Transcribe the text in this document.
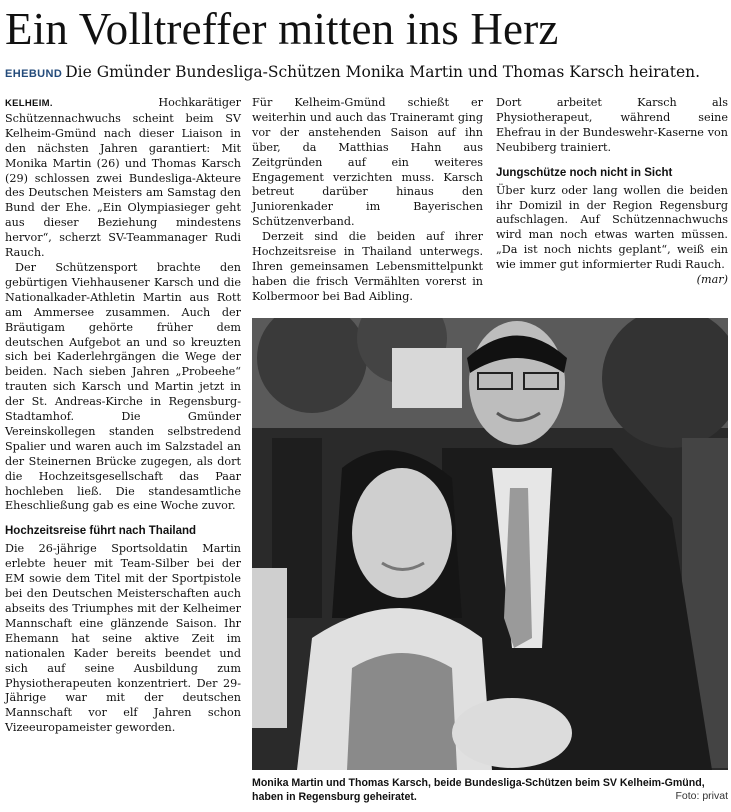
Ein Volltreffer mitten ins Herz
EHEBUND Die Gmünder Bundesliga-Schützen Monika Martin und Thomas Karsch heiraten.

KELHEIM.	Hochkarätiger Schützennachwuchs scheint beim SV Kelheim-Gmünd nach dieser Liaison in den nächsten Jahren garantiert: Mit Monika Martin (26) und Thomas Karsch (29) schlossen zwei Bundesliga-Akteure des Deutschen Meisters am Samstag den Bund der Ehe. „Ein Olympiasieger geht aus dieser Beziehung mindestens hervor“, scherzt SV-Teammanager Rudi Rauch.

Der Schützensport brachte den gebürtigen Viehhausener Karsch und die Nationalkader-Athletin Martin aus Rott am Ammersee zusammen. Auch der Bräutigam gehörte früher dem deutschen Aufgebot an und so kreuzten sich bei Kaderlehrgängen die Wege der beiden. Nach sieben Jahren „Probeehe“ trauten sich Karsch und Martin jetzt in der St. Andreas-Kirche in Regensburg-Stadtamhof. Die Gmünder Vereinskollegen standen selbstredend Spalier und waren auch im Salzstadel an der Steinernen Brücke zugegen, als dort die Hochzeitsgesellschaft das Paar hochleben ließ. Die standesamtliche Eheschließung gab es eine Woche zuvor.

Hochzeitsreise führt nach Thailand

Die 26-jährige Sportsoldatin Martin erlebte heuer mit Team-Silber bei der EM sowie dem Titel mit der Sportpistole bei den Deutschen Meisterschaften auch abseits des Triumphes mit der Kelheimer Mannschaft eine glänzende Saison. Ihr Ehemann hat seine aktive Zeit im nationalen Kader bereits beendet und sich auf seine Ausbildung zum Physiotherapeuten konzentriert. Der 29-Jährige war mit der deutschen Mannschaft vor elf Jahren schon Vizeeuropameister geworden.

Für Kelheim-Gmünd schießt er weiterhin und auch das Traineramt ging vor der anstehenden Saison auf ihn über, da Matthias Hahn aus Zeitgründen auf ein weiteres Engagement verzichten muss. Karsch betreut darüber hinaus den Juniorenkader im Bayerischen Schützenverband.

Derzeit sind die beiden auf ihrer Hochzeitsreise in Thailand unterwegs. Ihren gemeinsamen Lebensmittelpunkt haben die frisch Vermählten vorerst in Kolbermoor bei Bad Aibling.

Dort arbeitet Karsch als Physiotherapeut, während seine Ehefrau in der Bundeswehr-Kaserne von Neubiberg trainiert.

Jungschütze noch nicht in Sicht

Über kurz oder lang wollen die beiden ihr Domizil in der Region Regensburg aufschlagen. Auf Schützennachwuchs wird man noch etwas warten müssen. „Da ist noch nichts geplant“, weiß ein wie immer gut informierter Rudi Rauch.
(mar)

Monika Martin und Thomas Karsch, beide Bundesliga-Schützen beim SV Kelheim-Gmünd, haben in Regensburg geheiratet.	Foto: privat
